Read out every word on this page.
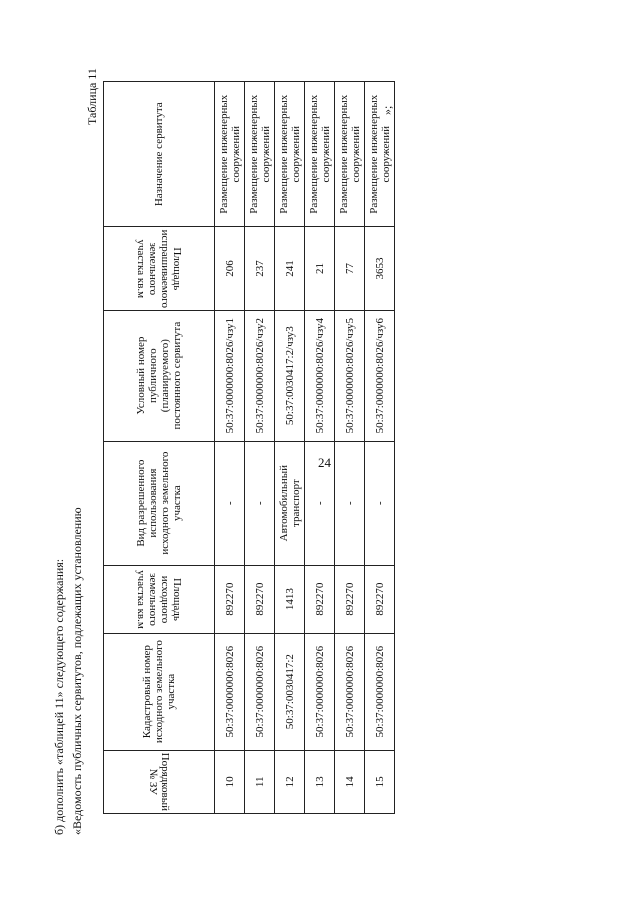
24
б) дополнить «таблицей 11» следующего содержания: «Ведомость публичных сервитутов, подлежащих установлению
Таблица 11	»;
Порядковый № ЗУ	Кадастровый номер исходного земельного участка	Площадь исходного земельного участка кв.м	Вид разрешенного использования исходного земельного участка	Условный номер публичного (планируемого) постоянного сервитута	Площадь испрашиваемого земельного участка кв.м	Назначение сервитута
10	50:37:0000000:8026	892270	-	50:37:0000000:8026/чзу1	206	Размещение инженерных сооружений
11	50:37:0000000:8026	892270	-	50:37:0000000:8026/чзу2	237	Размещение инженерных сооружений
12	50:37:0030417:2	1413	Автомобильный транспорт	50:37:0030417:2/чзу3	241	Размещение инженерных сооружений
13	50:37:0000000:8026	892270	-	50:37:0000000:8026/чзу4	21	Размещение инженерных сооружений
14	50:37:0000000:8026	892270	-	50:37:0000000:8026/чзу5	77	Размещение инженерных сооружений
15	50:37:0000000:8026	892270	-	50:37:0000000:8026/чзу6	3653	Размещение инженерных сооружений
